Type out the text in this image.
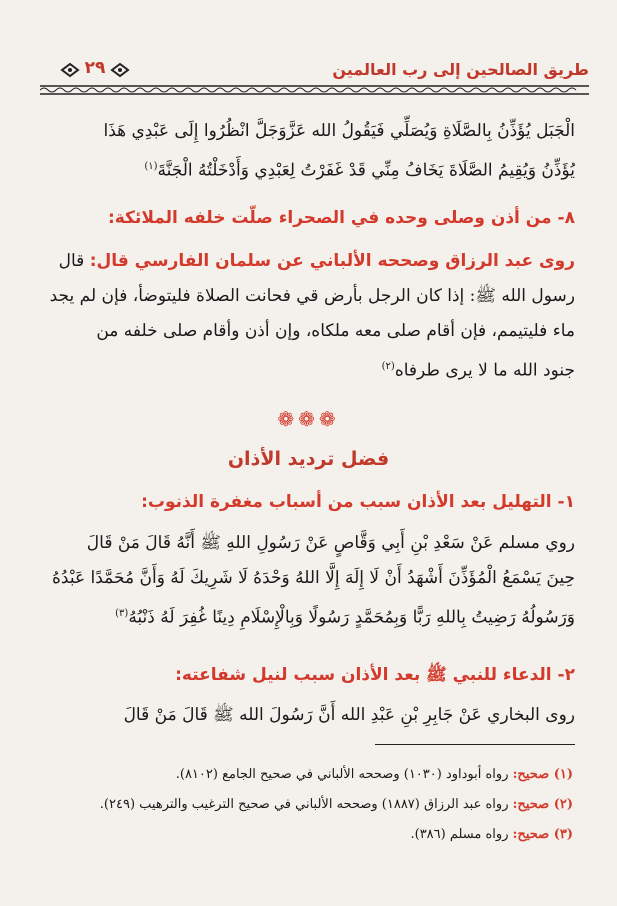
طريق الصالحين إلى رب العالمين
٢٩
الْجَبَل يُؤَذِّنُ بِالصَّلَاةِ وَيُصَلِّي فَيَقُولُ الله عَزَّوَجَلَّ انْظُرُوا إِلَى عَبْدِي هَذَا
يُؤَذِّنُ وَيُقِيمُ الصَّلَاةَ يَخَافُ مِنِّي قَدْ غَفَرْتُ لِعَبْدِي وَأَدْخَلْتُهُ الْجَنَّةَ$^{(١)}$
٨- من أذن وصلى وحده في الصحراء صلّت خلفه الملائكة:
روى عبد الرزاق وصححه الألباني عن سلمان الفارسي قال: قال
رسول الله ﷺ: إذا كان الرجل بأرض قي فحانت الصلاة فليتوضأ، فإن لم يجد
ماء فليتيمم، فإن أقام صلى معه ملكاه، وإن أذن وأقام صلى خلفه من
جنود الله ما لا يرى طرفاه$^{(٢)}$
❁❁❁
فضل ترديد الأذان
١- التهليل بعد الأذان سبب من أسباب مغفرة الذنوب:
روي مسلم عَنْ سَعْدِ بْنِ أَبِي وَقَّاصٍ عَنْ رَسُولِ اللهِ ﷺ أَنَّهُ قَالَ مَنْ قَالَ
حِينَ يَسْمَعُ الْمُؤَذِّنَ أَشْهَدُ أَنْ لَا إِلَهَ إِلَّا اللهُ وَحْدَهُ لَا شَرِيكَ لَهُ وَأَنَّ مُحَمَّدًا عَبْدُهُ
وَرَسُولُهُ رَضِيتُ بِاللهِ رَبًّا وَبِمُحَمَّدٍ رَسُولًا وَبِالْإِسْلَامِ دِينًا غُفِرَ لَهُ ذَنْبُهُ$^{(٣)}$
٢- الدعاء للنبي ﷺ بعد الأذان سبب لنيل شفاعته:
روى البخاري عَنْ جَابِرِ بْنِ عَبْدِ الله أَنَّ رَسُولَ الله ﷺ قَالَ مَنْ قَالَ
(١) صحيح: رواه أبوداود (١٠٣٠) وصححه الألباني في صحيح الجامع (٨١٠٢).
(٢) صحيح: رواه عبد الرزاق (١٨٨٧) وصححه الألباني في صحيح الترغيب والترهيب (٢٤٩).
(٣) صحيح: رواه مسلم (٣٨٦).
